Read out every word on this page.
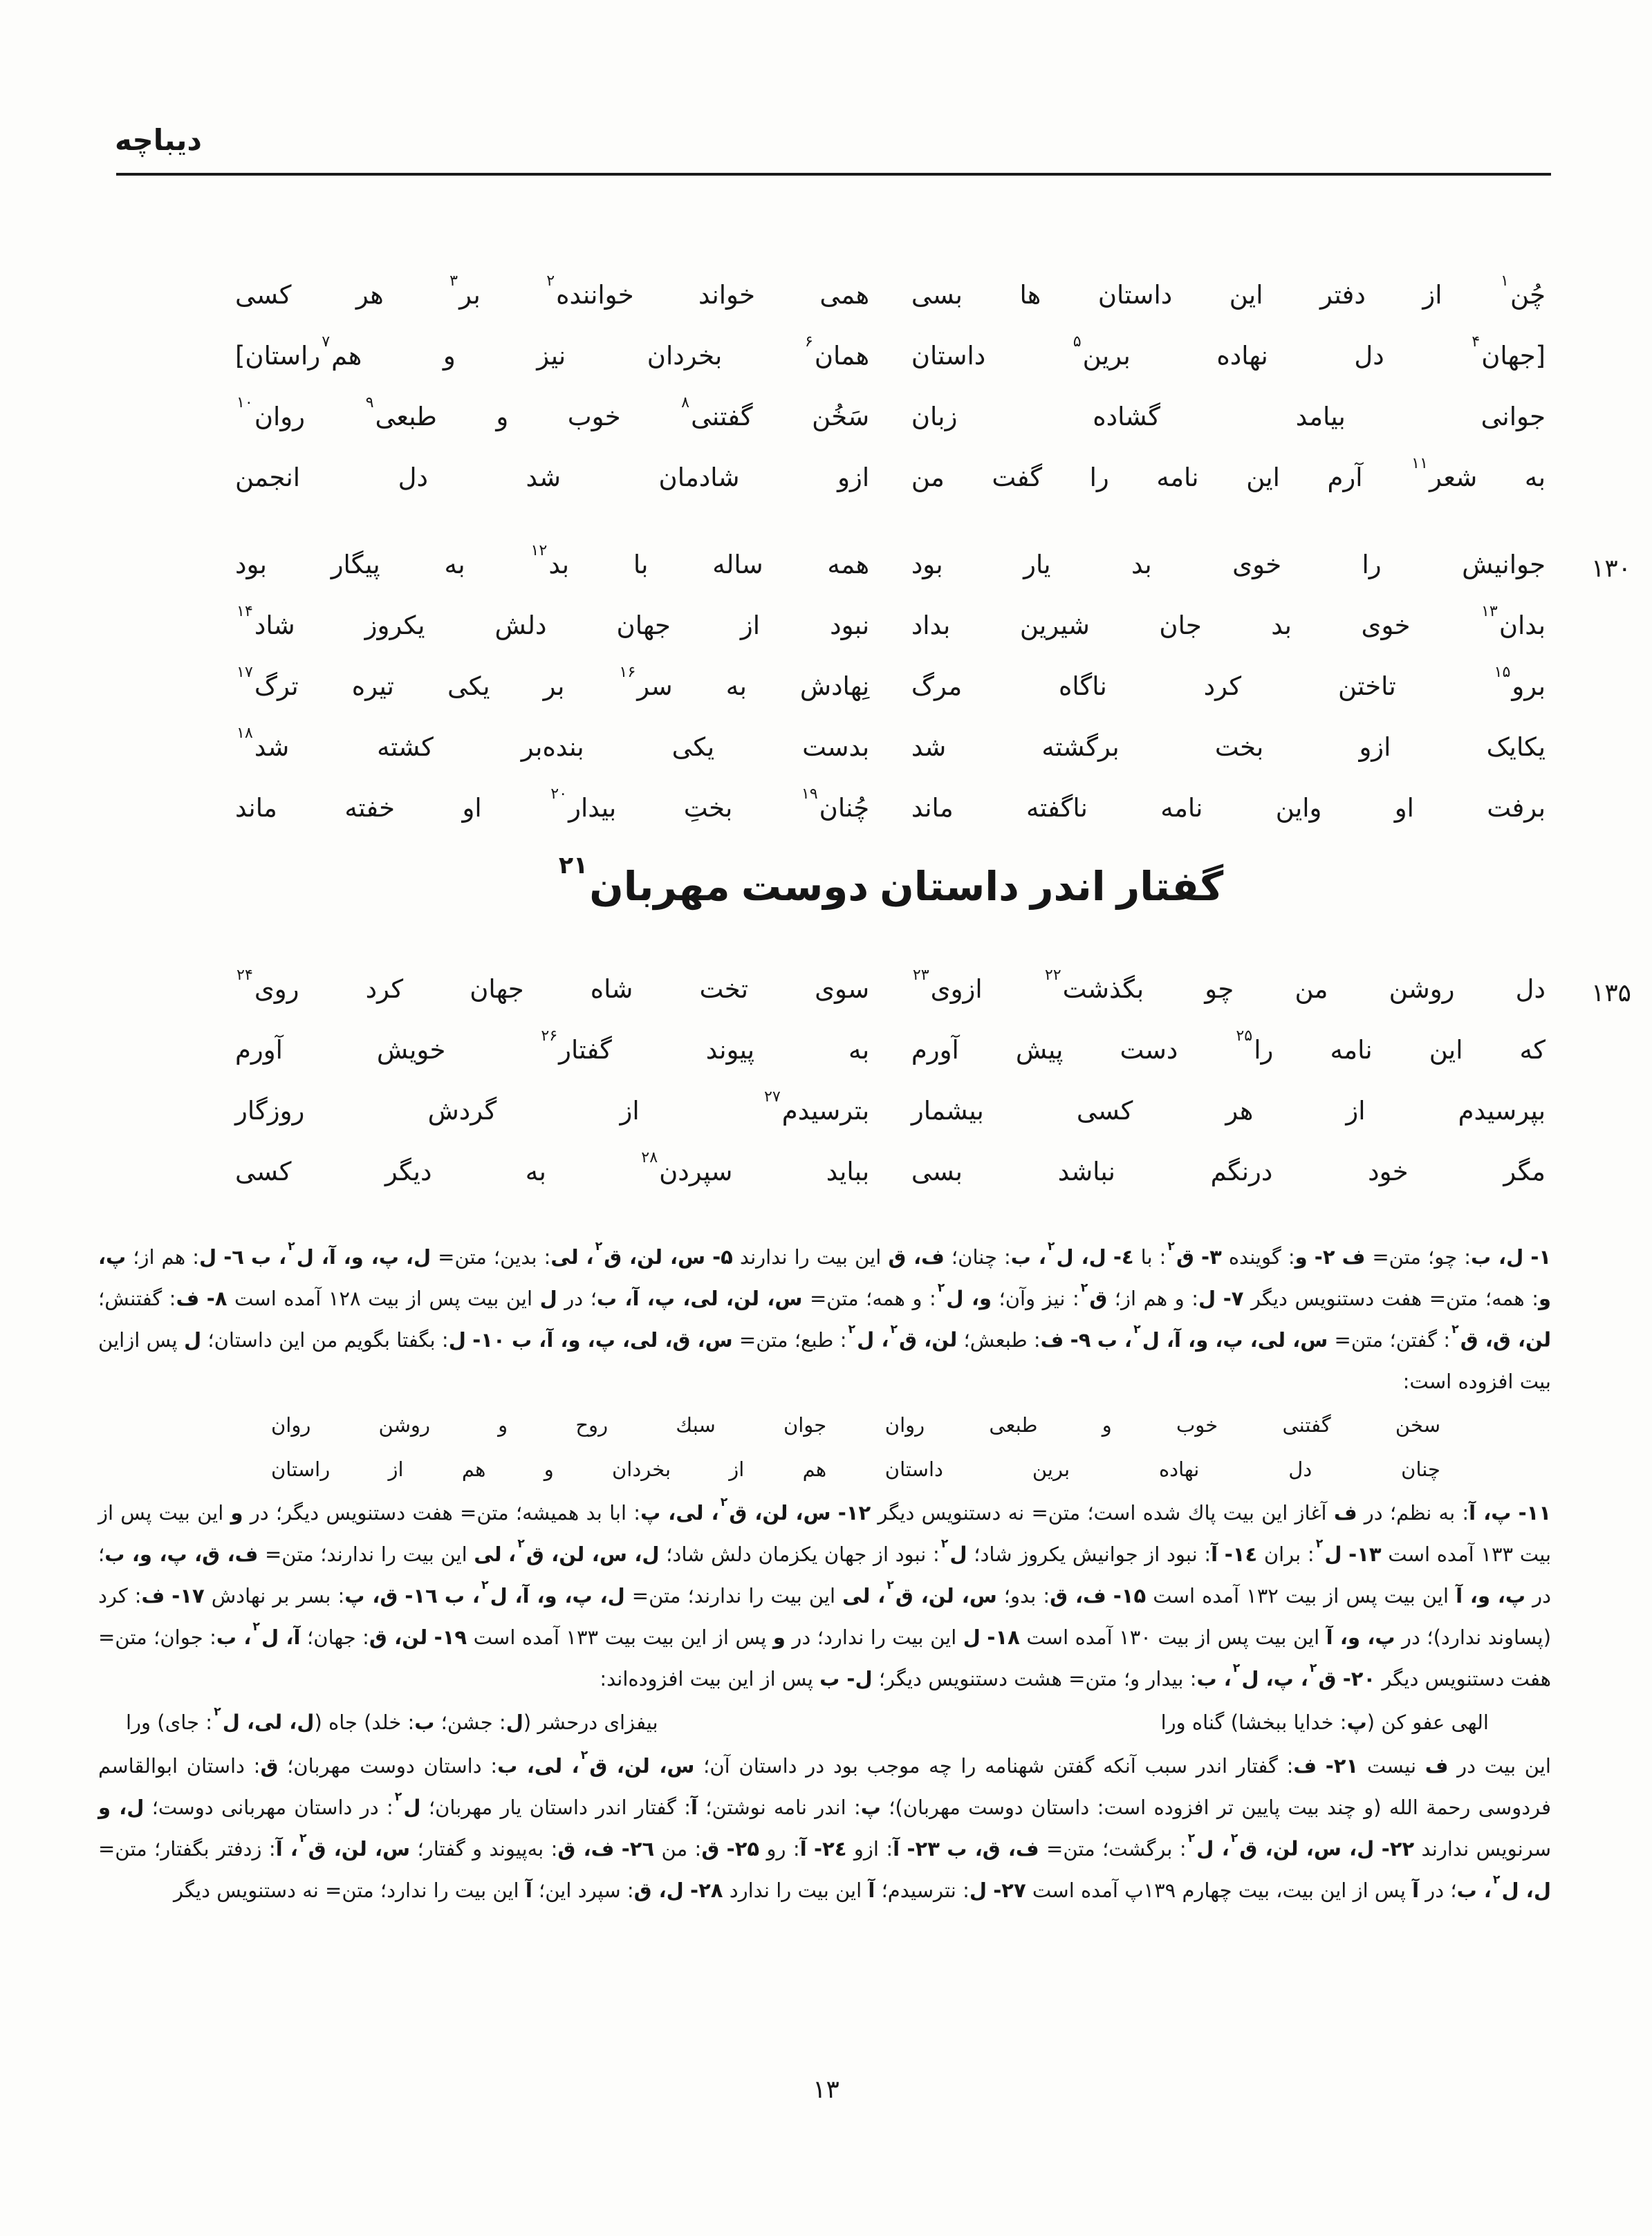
دیباچه
چُن$^۱$ از دفتر این داستان ها بسی
همی خواند خواننده$^۲$ بر$^۳$ هر کسی
[جهان$^۴$ دل نهاده برین$^۵$ داستان
همان$^۶$ بخردان نیز و هم$^۷$راستان]
جوانی بیامد گشاده زبان
سَخُن گفتنی$^۸$ خوب و طبعی$^۹$ روان$^{۱۰}$
به شعر$^{۱۱}$ آرم این نامه را گفت من
ازو شادمان شد دل انجمن
۱۳۰
جوانیش را خوی بد یار بود
همه ساله با بد$^{۱۲}$ به پیگار بود
بدان$^{۱۳}$ خوی بد جان شیرین بداد
نبود از جهان دلش یکروز شاد$^{۱۴}$
برو$^{۱۵}$ تاختن کرد ناگاه مرگ
نِهادش به سر$^{۱۶}$ بر یکی تیره ترگ$^{۱۷}$
یکایک ازو بخت برگشته شد
بدست یکی بنده‌بر کشته شد$^{۱۸}$
برفت او واین نامه ناگفته ماند
چُنان$^{۱۹}$ بختِ بیدار$^{۲۰}$ او خفته ماند
گفتار اندر داستان دوست مهربان$^{۲۱}$
۱۳۵
دل روشن من چو بگذشت$^{۲۲}$ ازوی$^{۲۳}$
سوی تخت شاه جهان کرد روی$^{۲۴}$
که این نامه را$^{۲۵}$ دست پیش آورم
به پیوند گفتار$^{۲۶}$ خویش آورم
بپرسیدم از هر کسی بیشمار
بترسیدم$^{۲۷}$ از گردش روزگار
مگر خود درنگم نباشد بسی
بباید سپردن$^{۲۸}$ به دیگر کسی

۱- ل، ب: چو؛ متن= ف ۲- و: گوینده ۳- ق$^۲$: با ٤- ل، ل$^۲$، ب: چنان؛ ف، ق این بیت را ندارند ۵- س، لن، ق$^۲$، لی: بدین؛ متن= ل، پ، و، آ، ل$^۲$، ب ٦- ل: هم از؛ پ، و: همه؛ متن= هفت دستنویس دیگر ۷- ل: و هم از؛ ق$^۲$: نیز وآن؛ و، ل$^۲$: و همه؛ متن= س، لن، لی، پ، آ، ب؛ در ل این بیت پس از بیت ۱۲۸ آمده است ۸- ف: گفتنش؛ لن، ق، ق$^۲$: گفتن؛ متن= س، لی، پ، و، آ، ل$^۲$، ب ۹- ف: طبعش؛ لن، ق$^۲$، ل$^۲$: طبع؛ متن= س، ق، لی، پ، و، آ، ب ۱۰- ل: بگفتا بگویم من این داستان؛ ل پس ازاین بیت افزوده است:

سخن گفتنی خوب و طبعی روان
جوان سبك روح و روشن روان
چنان دل نهاده برین داستان
هم از بخردان و هم از راستان

۱۱- پ، آ: به نظم؛ در ف آغاز این بیت پاك شده است؛ متن= نه دستنویس دیگر ۱۲- س، لن، ق$^۲$، لی، پ: ابا بد همیشه؛ متن= هفت دستنویس دیگر؛ در و این بیت پس از بیت ۱۳۳ آمده است ۱۳- ل$^۲$: بران ۱٤- آ: نبود از جوانیش یکروز شاد؛ ل$^۲$: نبود از جهان یکزمان دلش شاد؛ ل، س، لن، ق$^۲$، لی این بیت را ندارند؛ متن= ف، ق، پ، و، ب؛ در پ، و، آ این بیت پس از بیت ۱۳۲ آمده است ۱۵- ف، ق: بدو؛ س، لن، ق$^۲$، لی این بیت را ندارند؛ متن= ل، پ، و، آ، ل$^۲$، ب ۱٦- ق، پ: بسر بر نهادش ۱۷- ف: کرد (پساوند ندارد)؛ در پ، و، آ این بیت پس از بیت ۱۳۰ آمده است ۱۸- ل این بیت را ندارد؛ در و پس از این بیت بیت ۱۳۳ آمده است ۱۹- لن، ق: جهان؛ آ، ل$^۲$، ب: جوان؛ متن= هفت دستنویس دیگر ۲۰- ق$^۲$، پ، ل$^۲$، ب: بیدار و؛ متن= هشت دستنویس دیگر؛ ل- ب پس از این بیت افزوده‌اند:

الهی عفو کن (پ: خدایا ببخشا) گناه ورا
بیفزای درحشر (ل: جشن؛ ب: خلد) جاه (ل، لی، ل$^۲$: جای) ورا

این بیت در ف نیست ۲۱- ف: گفتار اندر سبب آنکه گفتن شهنامه را چه موجب بود در داستان آن؛ س، لن، ق$^۲$، لی، ب: داستان دوست مهربان؛ ق: داستان ابوالقاسم فردوسی رحمة الله (و چند بیت پایین تر افزوده است: داستان دوست مهربان)؛ پ: اندر نامه نوشتن؛ آ: گفتار اندر داستان یار مهربان؛ ل$^۲$: در داستان مهربانی دوست؛ ل، و سرنویس ندارند ۲۲- ل، س، لن، ق$^۲$، ل$^۲$: برگشت؛ متن= ف، ق، ب ۲۳- آ: ازو ۲٤- آ: رو ۲۵- ق: من ۲٦- ف، ق: به‌پیوند و گفتار؛ س، لن، ق$^۲$، آ: زدفتر بگفتار؛ متن= ل، ل$^۲$، ب؛ در آ پس از این بیت، بیت چهارم ۱۳۹پ آمده است ۲۷- ل: نترسیدم؛ آ این بیت را ندارد ۲۸- ل، ق: سپرد این؛ آ این بیت را ندارد؛ متن= نه دستنویس دیگر

۱۳
